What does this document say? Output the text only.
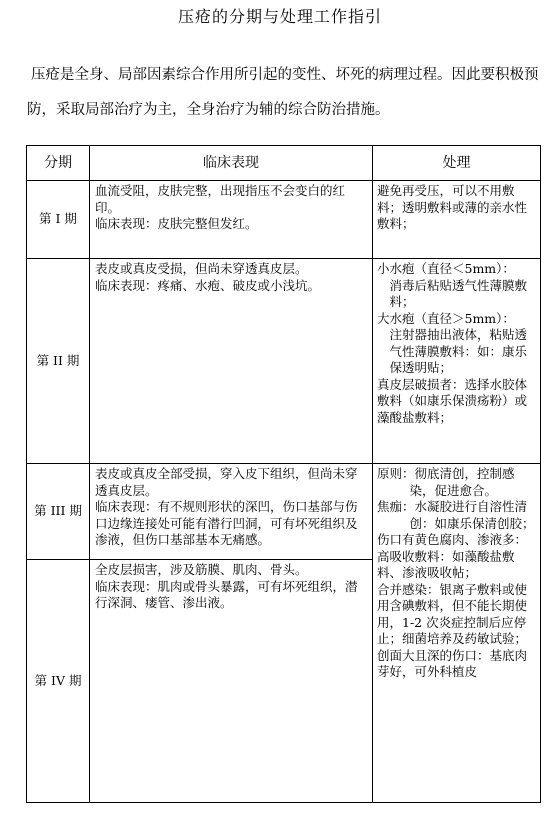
压疮的分期与处理工作指引
压疮是全身、局部因素综合作用所引起的变性、坏死的病理过程。因此要积极预防，采取局部治疗为主，全身治疗为辅的综合防治措施。
分期	临床表现	处理
第 I 期

血流受阻，皮肤完整，出现指压不会变白的红印。

临床表现：皮肤完整但发红。

避免再受压，可以不用敷料；透明敷料或薄的亲水性敷料；

第 II 期

表皮或真皮受损，但尚未穿透真皮层。

临床表现：疼痛、水疱、破皮或小浅坑。

小水疱（直径＜5mm）：

消毒后粘贴透气性薄膜敷料；

大水疱（直径＞5mm）：

注射器抽出液体，粘贴透气性薄膜敷料：如：康乐保透明贴；

真皮层破损者：选择水胶体敷料（如康乐保溃疡粉）或藻酸盐敷料；

第 III 期

表皮或真皮全部受损，穿入皮下组织，但尚未穿透真皮层。

临床表现：有不规则形状的深凹，伤口基部与伤口边缘连接处可能有潜行凹洞，可有坏死组织及渗液，但伤口基部基本无痛感。

第 IV 期

全皮层损害，涉及筋膜、肌肉、骨头。

临床表现：肌肉或骨头暴露，可有坏死组织，潜行深洞、瘘管、渗出液。

原则：彻底清创，控制感染，促进愈合。

焦痂：水凝胶进行自溶性清创：如康乐保清创胶；

伤口有黄色腐肉、渗液多：高吸收敷料：如藻酸盐敷料、渗液吸收帖；

合并感染：银离子敷料或使用含碘敷料，但不能长期使用，1-2 次炎症控制后应停止；细菌培养及药敏试验；

创面大且深的伤口：基底肉芽好，可外科植皮
